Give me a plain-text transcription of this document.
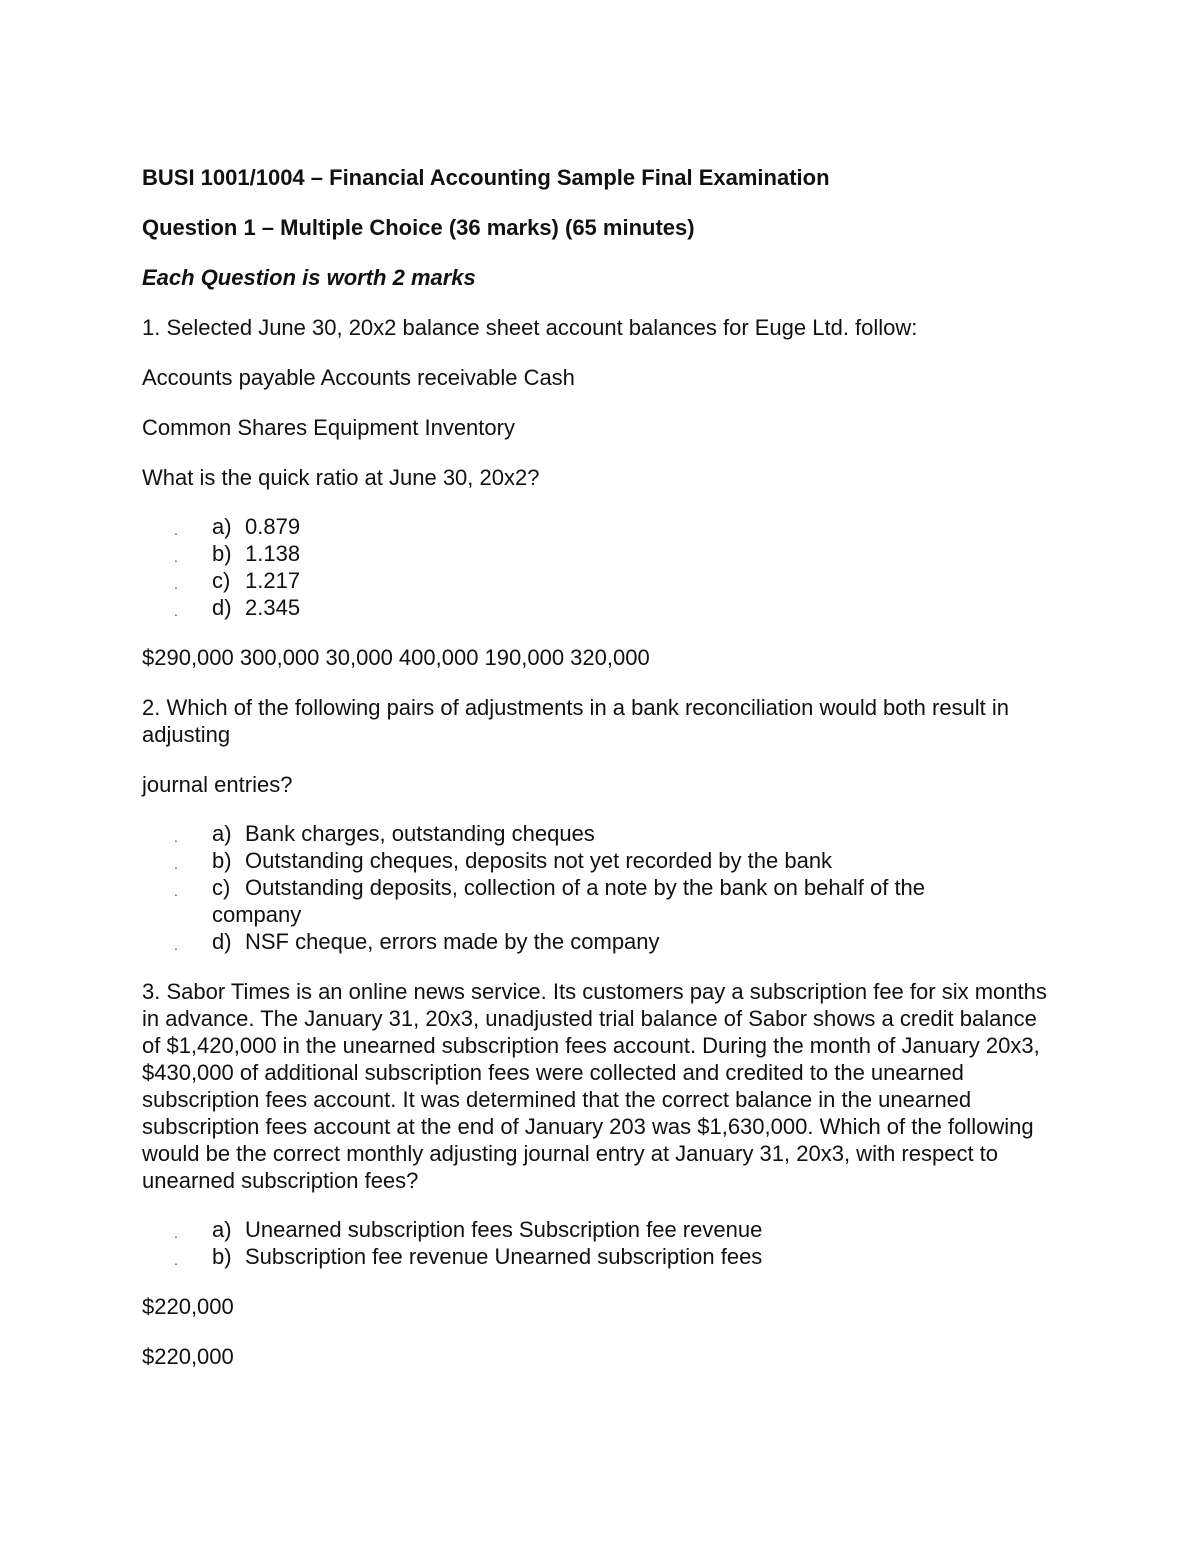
BUSI 1001/1004 – Financial Accounting Sample Final Examination

Question 1 – Multiple Choice (36 marks) (65 minutes)

Each Question is worth 2 marks

1. Selected June 30, 20x2 balance sheet account balances for Euge Ltd. follow:

Accounts payable Accounts receivable Cash

Common Shares Equipment Inventory

What is the quick ratio at June 30, 20x2?

. a) 0.879
. b) 1.138
. c) 1.217
. d) 2.345

$290,000 300,000 30,000 400,000 190,000 320,000

2. Which of the following pairs of adjustments in a bank reconciliation would both result in adjusting

journal entries?

. a) Bank charges, outstanding cheques
. b) Outstanding cheques, deposits not yet recorded by the bank
. c) Outstanding deposits, collection of a note by the bank on behalf of the company
. d) NSF cheque, errors made by the company

3. Sabor Times is an online news service. Its customers pay a subscription fee for six months in advance. The January 31, 20x3, unadjusted trial balance of Sabor shows a credit balance of $1,420,000 in the unearned subscription fees account. During the month of January 20x3, $430,000 of additional subscription fees were collected and credited to the unearned subscription fees account. It was determined that the correct balance in the unearned subscription fees account at the end of January 203 was $1,630,000. Which of the following would be the correct monthly adjusting journal entry at January 31, 20x3, with respect to unearned subscription fees?

. a) Unearned subscription fees Subscription fee revenue
. b) Subscription fee revenue Unearned subscription fees

$220,000

$220,000
